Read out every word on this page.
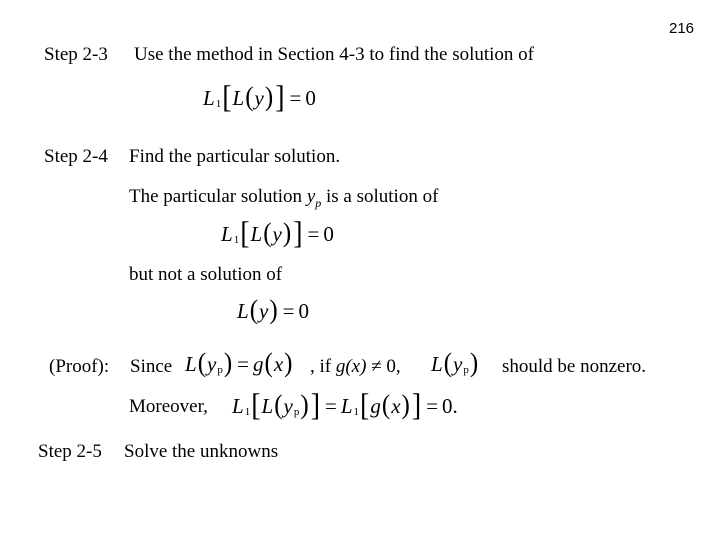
216
Step 2-3 Use the method in Section 4-3 to find the solution of
L 1 [ L ( y ) ] = 0
Step 2-4 Find the particular solution.
The particular solution $y_p$ is a solution of
L 1 [ L ( y ) ] = 0
but not a solution of
L ( y ) = 0
(Proof): Since L ( y p ) = g ( x ) , if g(x) ≠ 0, L ( y p ) should be nonzero.
Moreover, L 1 [ L ( y p ) ] = L 1 [ g ( x ) ] = 0.
Step 2-5 Solve the unknowns
